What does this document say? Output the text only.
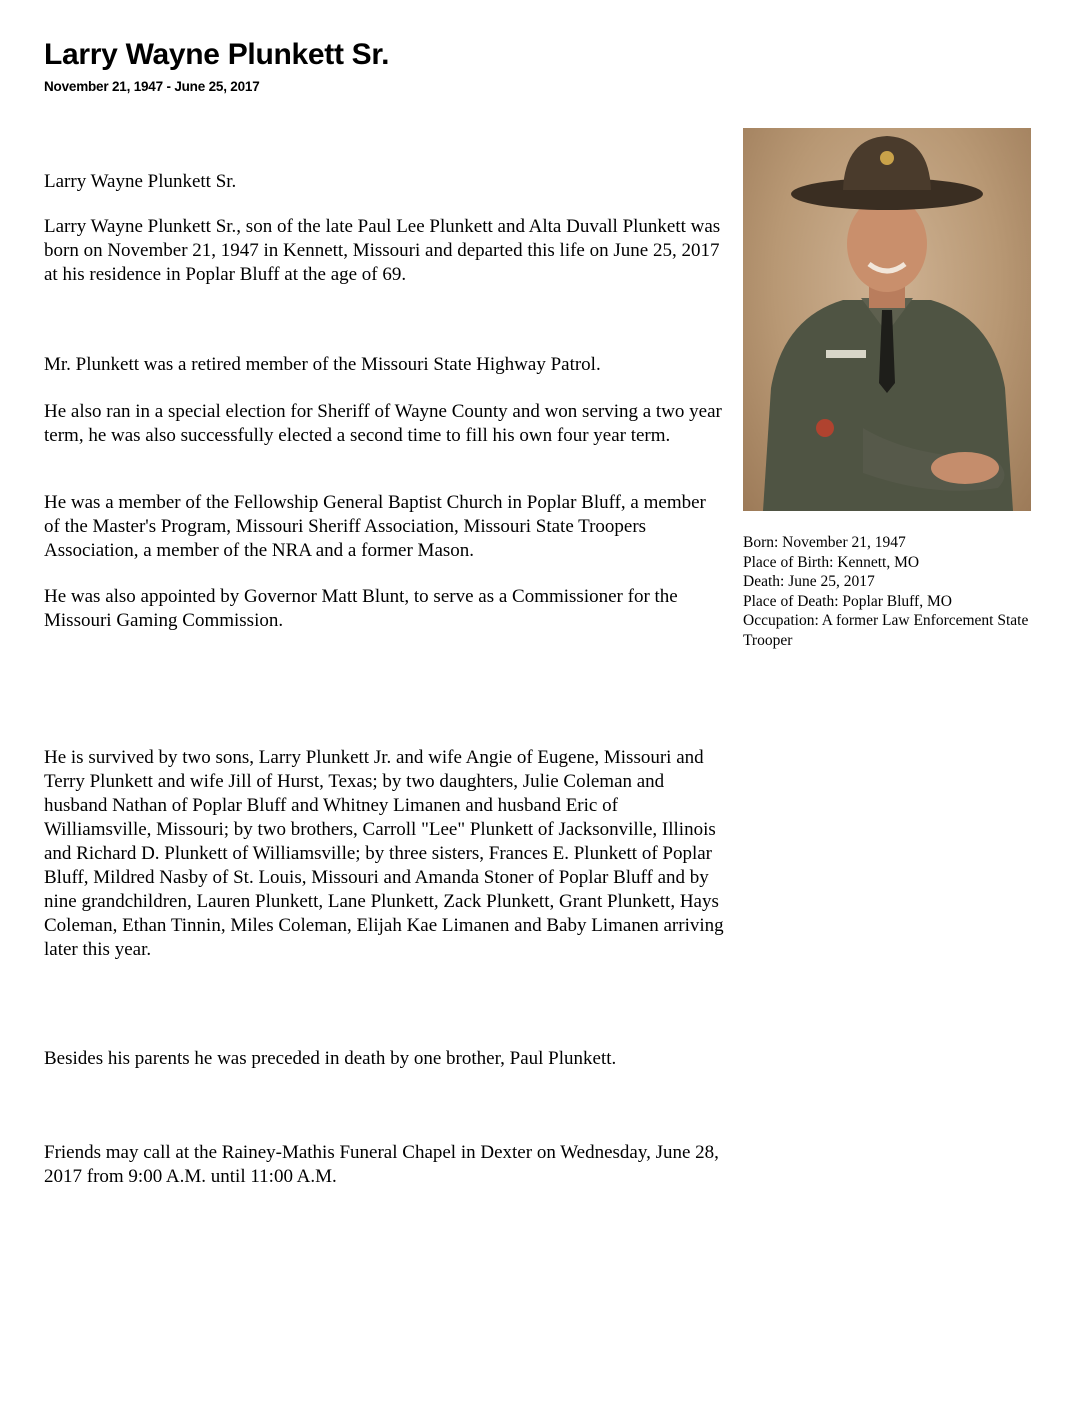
Larry Wayne Plunkett Sr.
November 21, 1947 - June 25, 2017

Larry Wayne Plunkett Sr.

Larry Wayne Plunkett Sr., son of the late Paul Lee Plunkett and Alta Duvall Plunkett was born on November 21, 1947 in Kennett, Missouri and departed this life on June 25, 2017 at his residence in Poplar Bluff at the age of 69.

Mr. Plunkett was a retired member of the Missouri State Highway Patrol.

He also ran in a special election for Sheriff of Wayne County and won serving a two year term, he was also successfully elected a second time to fill his own four year term.

He was a member of the Fellowship General Baptist Church in Poplar Bluff, a member of the Master's Program, Missouri Sheriff Association, Missouri State Troopers Association, a member of the NRA and a former Mason.

He was also appointed by Governor Matt Blunt, to serve as a Commissioner for the Missouri Gaming Commission.

He is survived by two sons, Larry Plunkett Jr. and wife Angie of Eugene, Missouri and Terry Plunkett and wife Jill of Hurst, Texas; by two daughters, Julie Coleman and husband Nathan of Poplar Bluff and Whitney Limanen and husband Eric of Williamsville, Missouri; by two brothers, Carroll "Lee" Plunkett of Jacksonville, Illinois and Richard D. Plunkett of Williamsville; by three sisters, Frances E. Plunkett of Poplar Bluff, Mildred Nasby of St. Louis, Missouri and Amanda Stoner of Poplar Bluff and by nine grandchildren, Lauren Plunkett, Lane Plunkett, Zack Plunkett, Grant Plunkett, Hays Coleman, Ethan Tinnin, Miles Coleman, Elijah Kae Limanen and Baby Limanen arriving later this year.

Besides his parents he was preceded in death by one brother, Paul Plunkett.

Friends may call at the Rainey-Mathis Funeral Chapel in Dexter on Wednesday, June 28, 2017 from 9:00 A.M. until 11:00 A.M.

Born: November 21, 1947
Place of Birth: Kennett, MO
Death: June 25, 2017
Place of Death: Poplar Bluff, MO
Occupation: A former Law Enforcement State Trooper
